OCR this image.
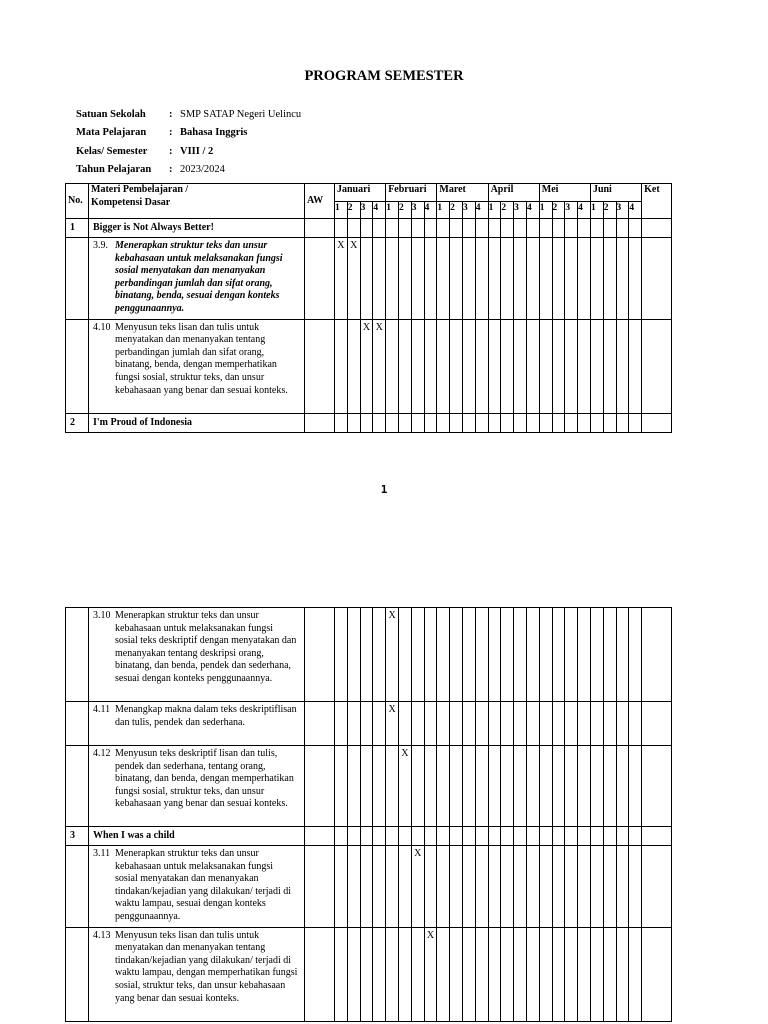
PROGRAM SEMESTER
Satuan Sekolah	: SMP SATAP Negeri Uelincu
Mata Pelajaran	: Bahasa Inggris
Kelas/ Semester	: VIII / 2
Tahun Pelajaran	: 2023/2024
No.	Materi Pembelajaran /
Kompetensi Dasar	AW	Januari				Februari				Maret				April				Mei				Juni				Ket
			1	2	3	4	1	2	3	4	1	2	3	4	1	2	3	4	1	2	3	4	1	2	3	4	
1	Bigger is Not Always Better!																										

	3.9. Menerapkan struktur teks dan unsur kebahasaan untuk melaksanakan fungsi sosial menyatakan dan menanyakan perbandingan jumlah dan sifat orang, binatang, benda, sesuai dengan konteks penggunaannya.		X	X																							

	4.10 Menyusun teks lisan dan tulis untuk menyatakan dan menanyakan tentang perbandingan jumlah dan sifat orang, binatang, benda, dengan memperhatikan fungsi sosial, struktur teks, dan unsur kebahasaan yang benar dan sesuai konteks.				X	X																					
2	I'm Proud of Indonesia																										
1

	3.10 Menerapkan struktur teks dan unsur kebahasaan untuk melaksanakan fungsi sosial teks deskriptif dengan menyatakan dan menanyakan tentang deskripsi orang, binatang, dan benda, pendek dan sederhana, sesuai dengan konteks penggunaannya.						X																				

	4.11 Menangkap makna dalam teks deskriptiflisan dan tulis, pendek dan sederhana.						X																				

	4.12 Menyusun teks deskriptif lisan dan tulis, pendek dan sederhana, tentang orang, binatang, dan benda, dengan memperhatikan fungsi sosial, struktur teks, dan unsur kebahasaan yang benar dan sesuai konteks.							X																			
3	When I was a child																										

	3.11 Menerapkan struktur teks dan unsur kebahasaan untuk melaksanakan fungsi sosial menyatakan dan menanyakan tindakan/kejadian yang dilakukan/ terjadi di waktu lampau, sesuai dengan konteks penggunaannya.								X																		

	4.13 Menyusun teks lisan dan tulis untuk menyatakan dan menanyakan tentang tindakan/kejadian yang dilakukan/ terjadi di waktu lampau, dengan memperhatikan fungsi sosial, struktur teks, dan unsur kebahasaan yang benar dan sesuai konteks.									X																	
